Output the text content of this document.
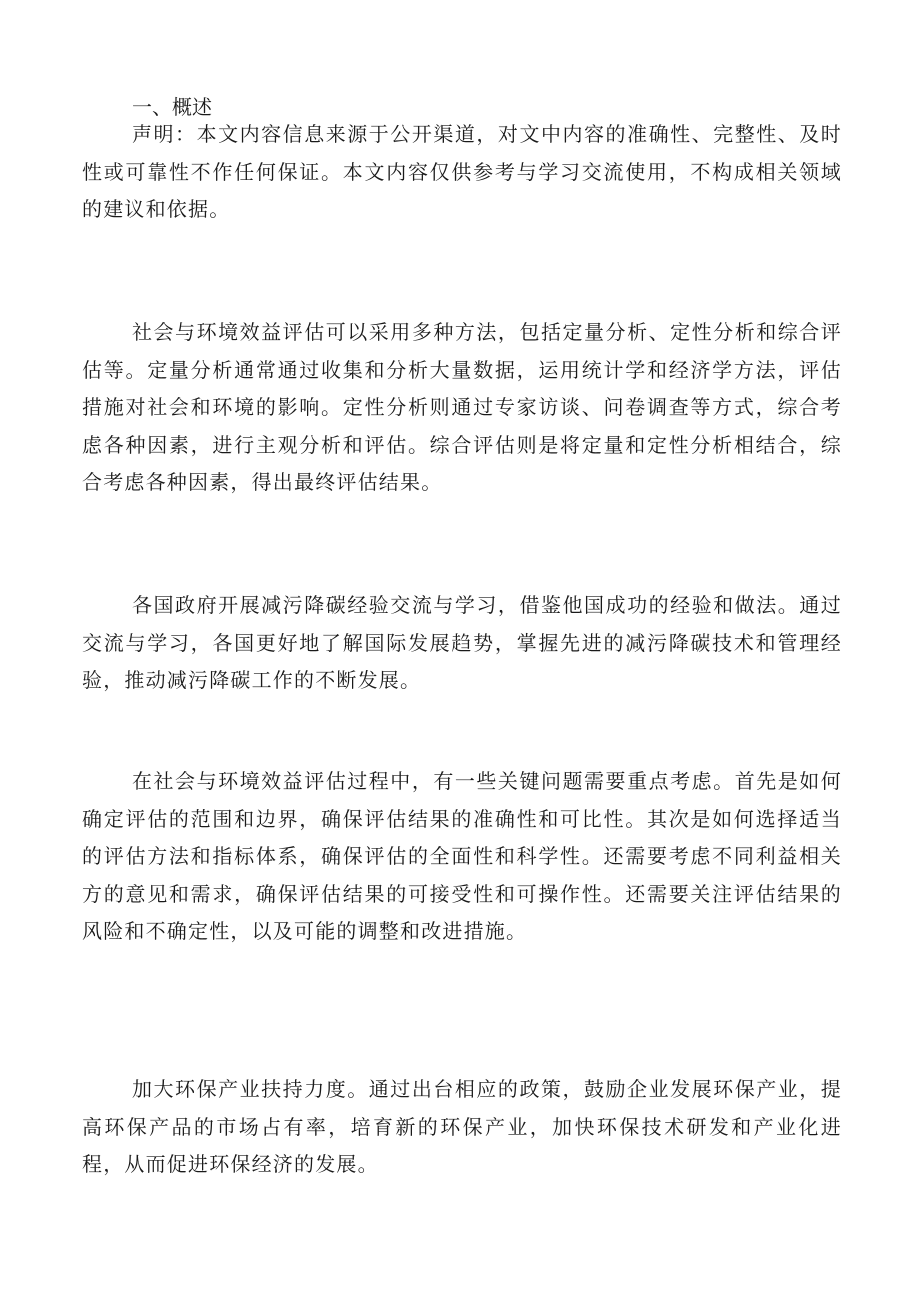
一、概述

声明：本文内容信息来源于公开渠道，对文中内容的准确性、完整性、及时性或可靠性不作任何保证。本文内容仅供参考与学习交流使用，不构成相关领域的建议和依据。

社会与环境效益评估可以采用多种方法，包括定量分析、定性分析和综合评估等。定量分析通常通过收集和分析大量数据，运用统计学和经济学方法，评估措施对社会和环境的影响。定性分析则通过专家访谈、问卷调查等方式，综合考虑各种因素，进行主观分析和评估。综合评估则是将定量和定性分析相结合，综合考虑各种因素，得出最终评估结果。

各国政府开展减污降碳经验交流与学习，借鉴他国成功的经验和做法。通过交流与学习，各国更好地了解国际发展趋势，掌握先进的减污降碳技术和管理经验，推动减污降碳工作的不断发展。

在社会与环境效益评估过程中，有一些关键问题需要重点考虑。首先是如何确定评估的范围和边界，确保评估结果的准确性和可比性。其次是如何选择适当的评估方法和指标体系，确保评估的全面性和科学性。还需要考虑不同利益相关方的意见和需求，确保评估结果的可接受性和可操作性。还需要关注评估结果的风险和不确定性，以及可能的调整和改进措施。

加大环保产业扶持力度。通过出台相应的政策，鼓励企业发展环保产业，提高环保产品的市场占有率，培育新的环保产业，加快环保技术研发和产业化进程，从而促进环保经济的发展。
